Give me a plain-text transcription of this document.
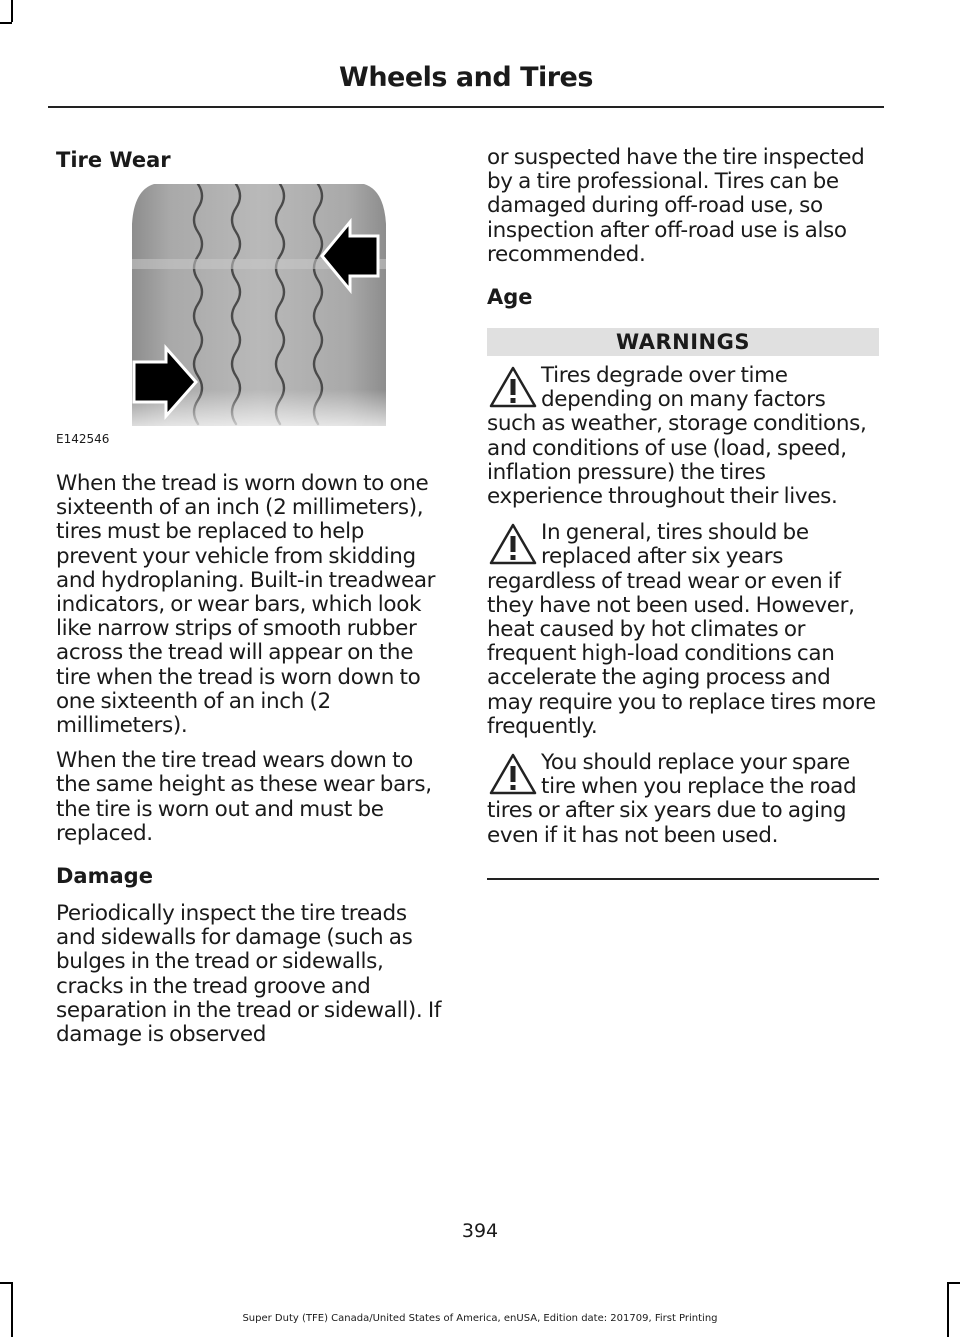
Wheels and Tires
Tire Wear
E142546

When the tread is worn down to one sixteenth of an inch (2 millimeters), tires must be replaced to help prevent your vehicle from skidding and hydroplaning. Built-in treadwear indicators, or wear bars, which look like narrow strips of smooth rubber across the tread will appear on the tire when the tread is worn down to one sixteenth of an inch (2 millimeters).

When the tire tread wears down to the same height as these wear bars, the tire is worn out and must be replaced.

Damage

Periodically inspect the tire treads and sidewalls for damage (such as bulges in the tread or sidewalls, cracks in the tread groove and separation in the tread or sidewall). If damage is observed

or suspected have the tire inspected by a tire professional. Tires can be damaged during off-road use, so inspection after off-road use is also recommended.

Age
WARNINGS

Tires degrade over time depending on many factors such as weather, storage conditions, and conditions of use (load, speed, inflation pressure) the tires experience throughout their lives.

In general, tires should be replaced after six years regardless of tread wear or even if they have not been used. However, heat caused by hot climates or frequent high-load conditions can accelerate the aging process and may require you to replace tires more frequently.

You should replace your spare tire when you replace the road tires or after six years due to aging even if it has not been used.

394
Super Duty (TFE) Canada/United States of America, enUSA, Edition date: 201709, First Printing
